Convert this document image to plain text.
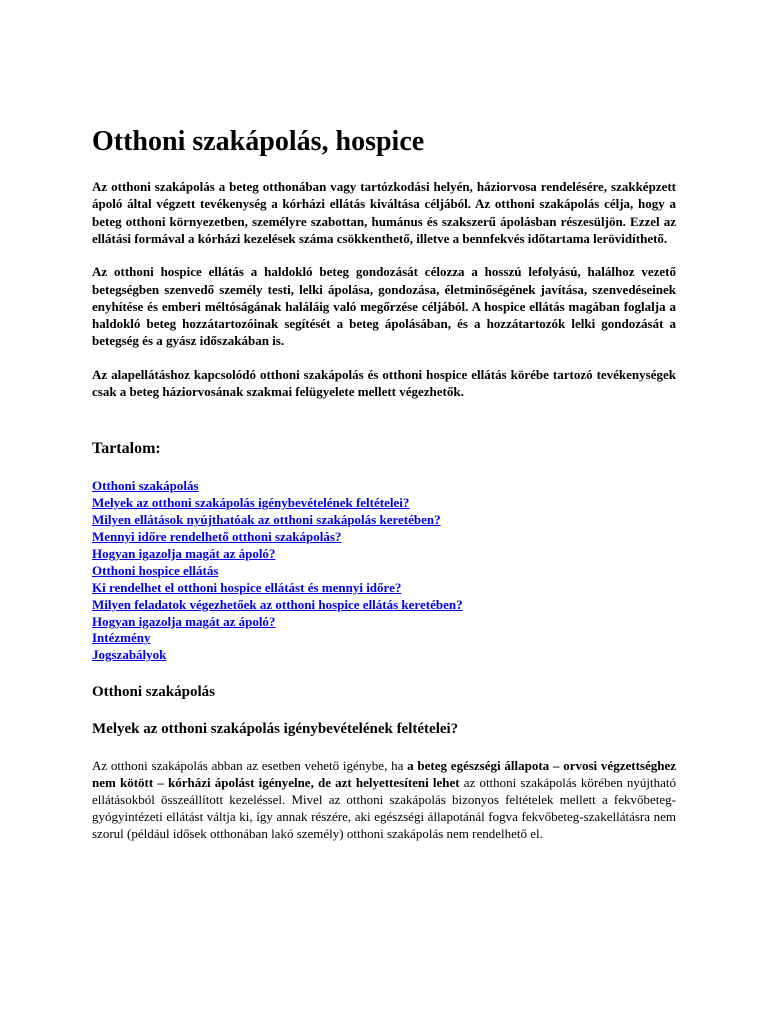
Otthoni szakápolás, hospice

Az otthoni szakápolás a beteg otthonában vagy tartózkodási helyén, háziorvosa rendelésére, szakképzett ápoló által végzett tevékenység a kórházi ellátás kiváltása céljából. Az otthoni szakápolás célja, hogy a beteg otthoni környezetben, személyre szabottan, humánus és szakszerű ápolásban részesüljön. Ezzel az ellátási formával a kórházi kezelések száma csökkenthető, illetve a bennfekvés időtartama lerövidíthető.

Az otthoni hospice ellátás a haldokló beteg gondozását célozza a hosszú lefolyású, halálhoz vezető betegségben szenvedő személy testi, lelki ápolása, gondozása, életminőségének javítása, szenvedéseinek enyhítése és emberi méltóságának haláláig való megőrzése céljából. A hospice ellátás magában foglalja a haldokló beteg hozzátartozóinak segítését a beteg ápolásában, és a hozzátartozók lelki gondozását a betegség és a gyász időszakában is.

Az alapellátáshoz kapcsolódó otthoni szakápolás és otthoni hospice ellátás körébe tartozó tevékenységek csak a beteg háziorvosának szakmai felügyelete mellett végezhetők.

Tartalom:
Otthoni szakápolás
Melyek az otthoni szakápolás igénybevételének feltételei?
Milyen ellátások nyújthatóak az otthoni szakápolás keretében?
Mennyi időre rendelhető otthoni szakápolás?
Hogyan igazolja magát az ápoló?
Otthoni hospice ellátás
Ki rendelhet el otthoni hospice ellátást és mennyi időre?
Milyen feladatok végezhetőek az otthoni hospice ellátás keretében?
Hogyan igazolja magát az ápoló?
Intézmény
Jogszabályok
Otthoni szakápolás
Melyek az otthoni szakápolás igénybevételének feltételei?

Az otthoni szakápolás abban az esetben vehető igénybe, ha a beteg egészségi állapota – orvosi végzettséghez nem kötött – kórházi ápolást igényelne, de azt helyettesíteni lehet az otthoni szakápolás körében nyújtható ellátásokból összeállított kezeléssel. Mivel az otthoni szakápolás bizonyos feltételek mellett a fekvőbeteg-gyógyintézeti ellátást váltja ki, így annak részére, aki egészségi állapotánál fogva fekvőbeteg-szakellátásra nem szorul (például idősek otthonában lakó személy) otthoni szakápolás nem rendelhető el.
